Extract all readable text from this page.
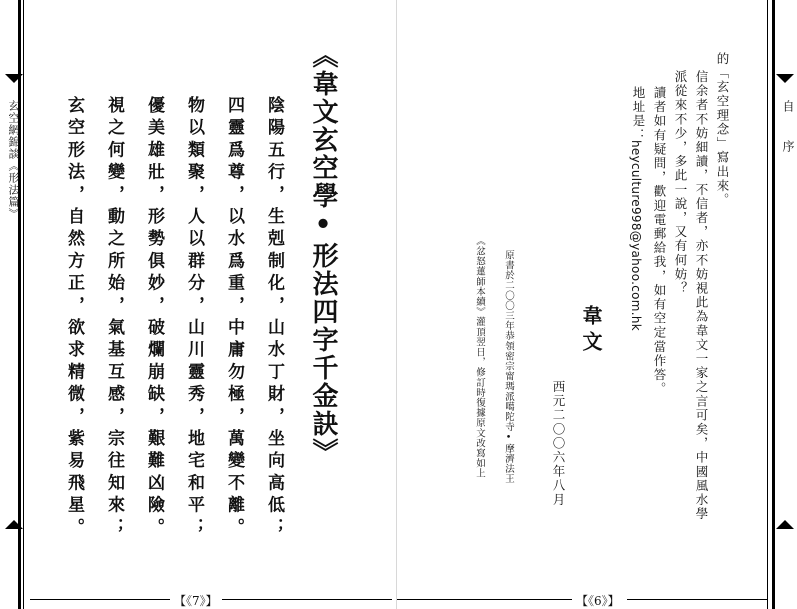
玄空網錦談《形法篇》	《韋文玄空學•形法四字千金訣》
陰陽五行，生剋制化，山水丁財，坐向高低；
四靈爲尊，以水爲重，中庸勿極，萬變不離。
物以類聚，人以群分，山川靈秀，地宅和平；
優美雄壯，形勢俱妙，破爛崩缺，艱難凶險。
視之何變，動之所始，氣基互感，宗往知來；
玄空形法，自然方正，欲求精微，紫易飛星。
【《7》】
的「玄空理念」寫出來。
信余者不妨細讀，不信者，亦不妨視此為韋文一家之言可矣，中國風水學
派從來不少，多此一說，又有何妨？
讀者如有疑問，歡迎電郵給我，如有空定當作答。
地址是：
heyculture998@yahoo.com.hk
韋文
西元二〇〇六年八月
原書於二〇〇三年恭領密宗甯瑪派噶陀寺•摩濟法王
《忿怒蓮師本續》灌頂翌日，修訂時復據原文改寫如上
自　序
【《6》】
